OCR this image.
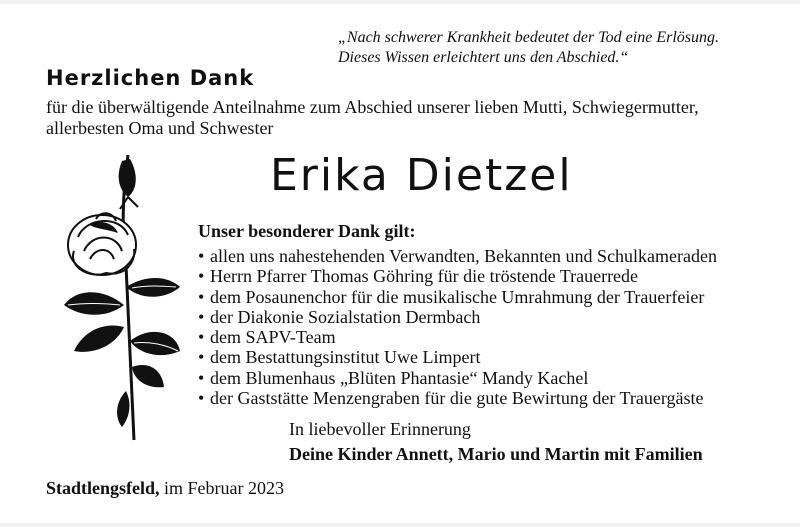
„Nach schwerer Krankheit bedeutet der Tod eine Erlösung.
Dieses Wissen erleichtert uns den Abschied.“
Herzlichen Dank
für die überwältigende Anteilnahme zum Abschied unserer lieben Mutti, Schwiegermutter,
allerbesten Oma und Schwester
Erika Dietzel
Unser besonderer Dank gilt:
• allen uns nahestehenden Verwandten, Bekannten und Schulkameraden
• Herrn Pfarrer Thomas Göhring für die tröstende Trauerrede
• dem Posaunenchor für die musikalische Umrahmung der Trauerfeier
• der Diakonie Sozialstation Dermbach
• dem SAPV-Team
• dem Bestattungsinstitut Uwe Limpert
• dem Blumenhaus „Blüten Phantasie“ Mandy Kachel
• der Gaststätte Menzengraben für die gute Bewirtung der Trauergäste
In liebevoller Erinnerung
Deine Kinder Annett, Mario und Martin mit Familien
Stadtlengsfeld, im Februar 2023
